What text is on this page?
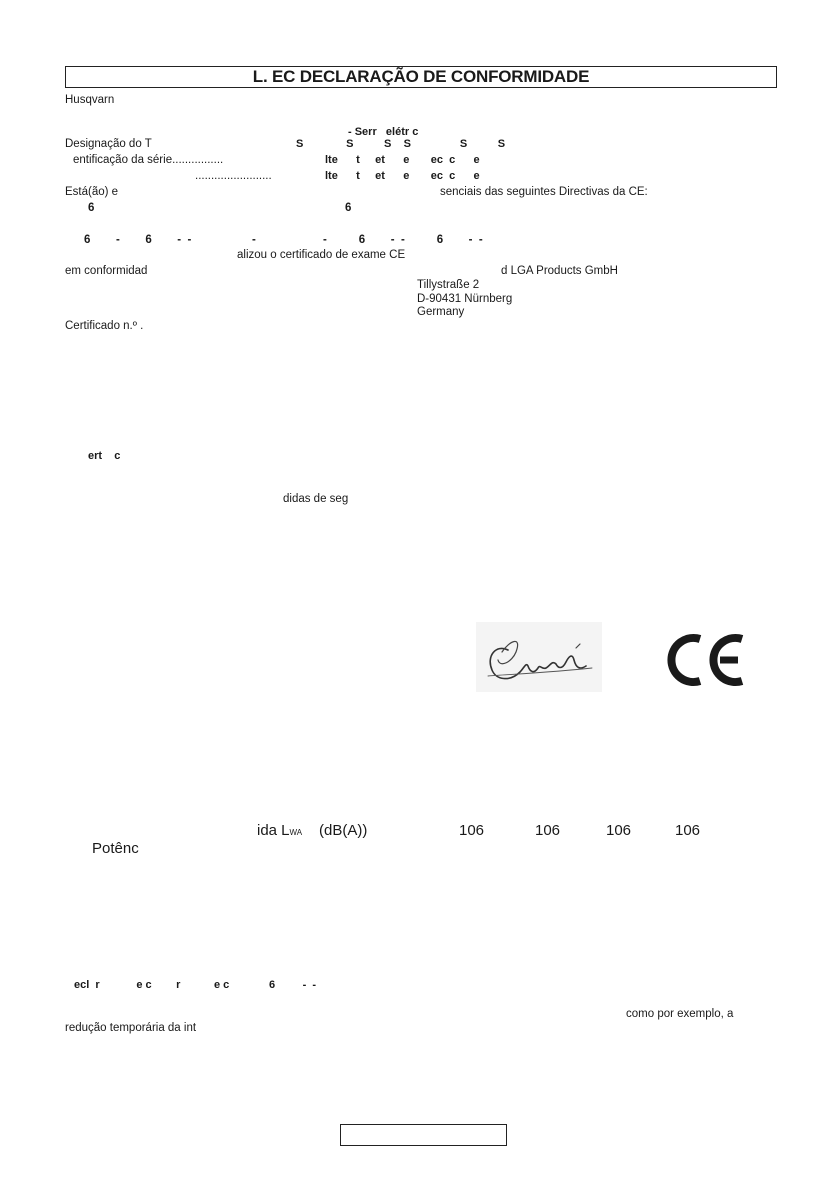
L. EC DECLARAÇÃO DE CONFORMIDADE
Husqvarn
- Serr   elétr c
Designação do T	S              S          S    S                S          S
entificação da série................	lte      t     et      e       ec  c      e
........................	lte      t     et      e       ec  c      e
Está(ão) e	senciais das seguintes Directivas da CE:
6	6
6        -        6        -  -                   -                     -          6        -  -          6        -  -
alizou o certificado de exame CE
em conformidad	d LGA Products GmbH
Tillystraße 2
D-90431 Nürnberg
Germany
Certificado n.º .
ert    c
didas de seg
ida LWA (dB(A))	106	106	106	106
Potênc
ecl  r            e c        r           e c             6         -  -
como por exemplo, a
redução temporária da int
